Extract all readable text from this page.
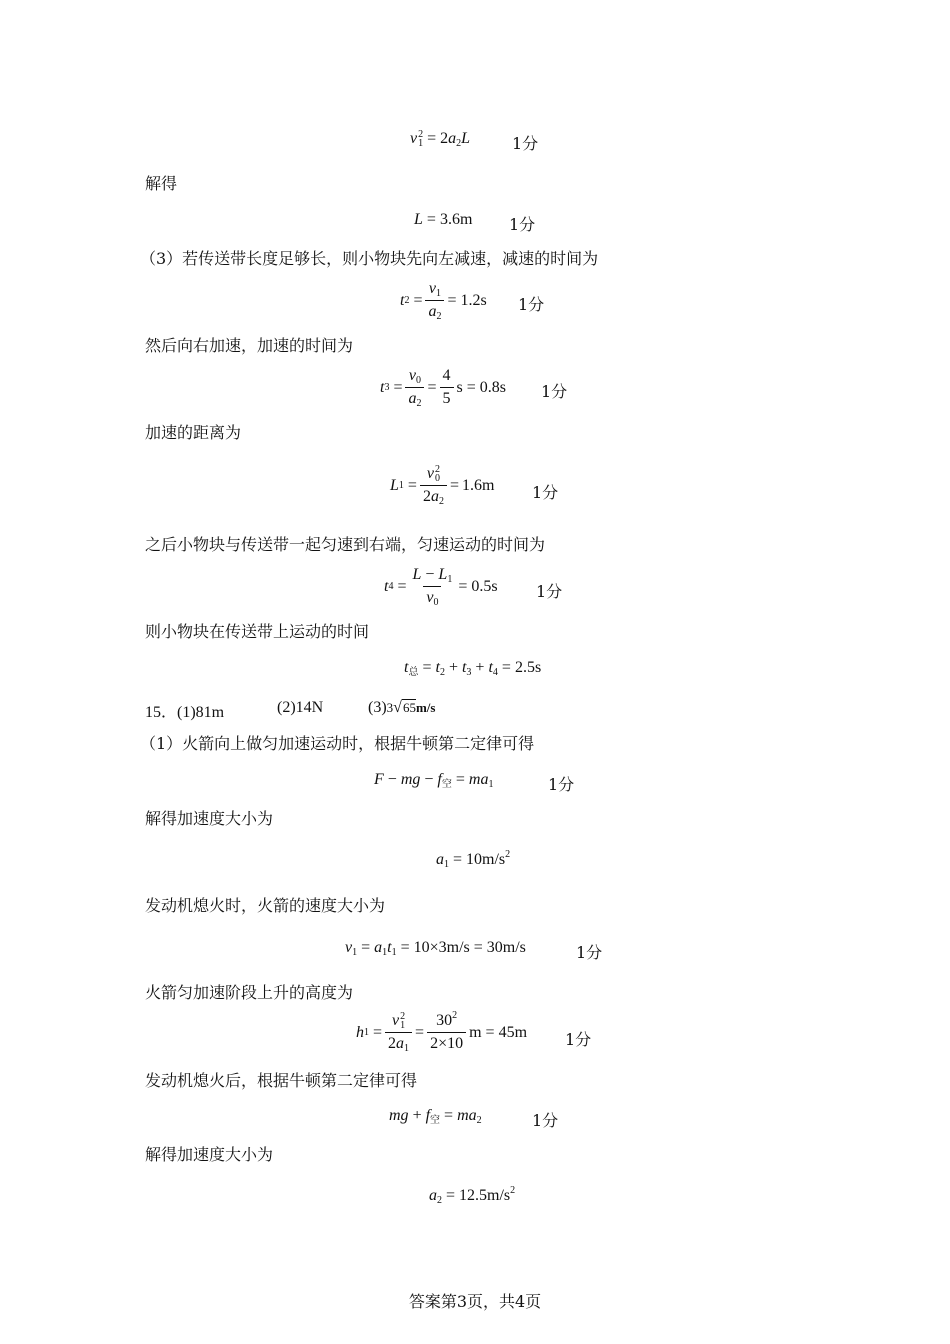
v 2
$1 = 2a_2L$	1分
解得
L = 3.6m 1分
（3）若传送带长度足够长，则小物块先向左减速，减速的时间为
t $2 = \frac{v_1}{a_2} = 1.2s$ 1分
然后向右加速，加速的时间为
t $3 = \frac{v_0}{a_2} = \frac{4}{5}$ s = 0.8s 1分
加速的距离为
L 1 = v 2
0
$2a_2 = 1.6m$ 1分
之后小物块与传送带一起匀速到右端，匀速运动的时间为
t $4 = \frac{L - L_1}{v_0} = 0.5s$ 1分
则小物块在传送带上运动的时间
$t_总 = t_2 + t_3 + t_4 = 2.5s$
15．(1)81m	(2)14N	(3)3√65m/s
（1）火箭向上做匀加速运动时，根据牛顿第二定律可得
F − mg − $f_空 = ma_1$	1分
解得加速度大小为
$a_1 = 10m/s^2$
发动机熄火时，火箭的速度大小为
$v_1 = a_1t_1 = 10\times 3m/s = 30m/s$	1分
火箭匀加速阶段上升的高度为
h 1 = v 2
1
$2a_1 = \frac{30^2}{2\times 10}$ m = 45m 1分
发动机熄火后，根据牛顿第二定律可得
mg + $f_空 = ma_2$	1分
解得加速度大小为
$a_2 = 12.5m/s^2$
答案第3页，共4页
